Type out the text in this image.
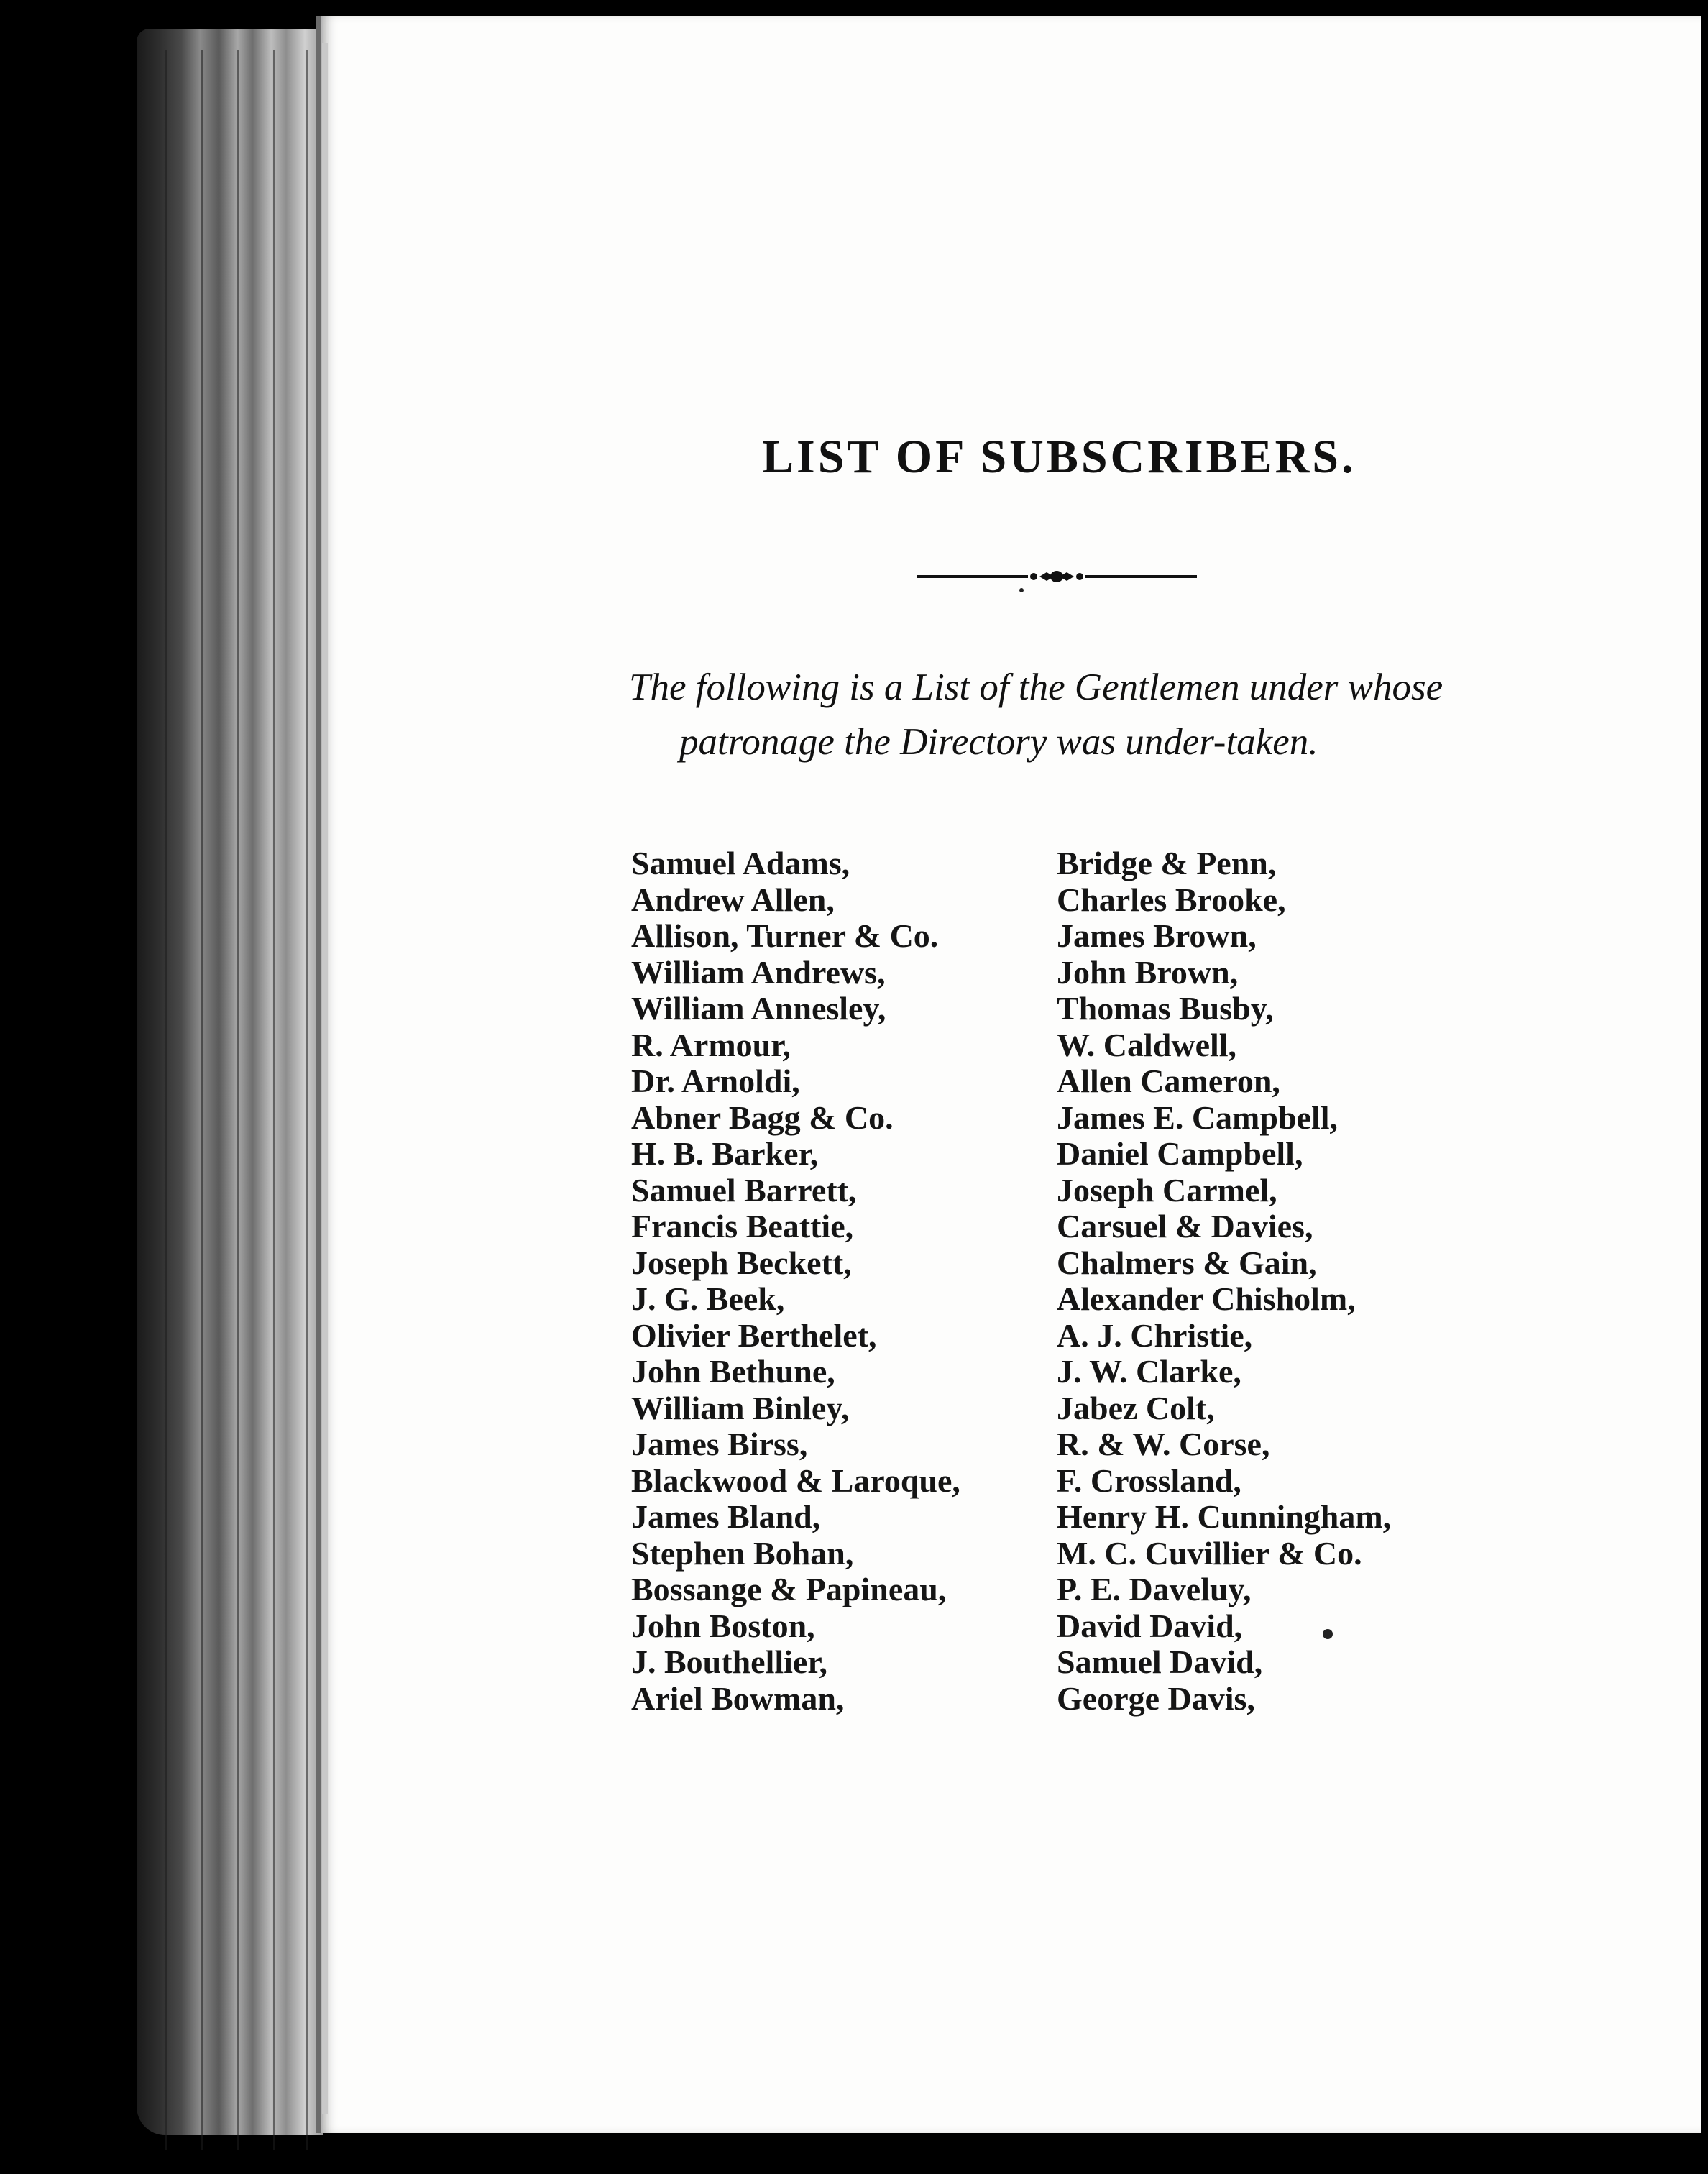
LIST OF SUBSCRIBERS.
The following is a List of the Gentlemen under whose patronage the Directory was under-taken.
Samuel Adams,
Andrew Allen,
Allison, Turner & Co.
William Andrews,
William Annesley,
R. Armour,
Dr. Arnoldi,
Abner Bagg & Co.
H. B. Barker,
Samuel Barrett,
Francis Beattie,
Joseph Beckett,
J. G. Beek,
Olivier Berthelet,
John Bethune,
William Binley,
James Birss,
Blackwood & Laroque,
James Bland,
Stephen Bohan,
Bossange & Papineau,
John Boston,
J. Bouthellier,
Ariel Bowman,
Bridge & Penn,
Charles Brooke,
James Brown,
John Brown,
Thomas Busby,
W. Caldwell,
Allen Cameron,
James E. Campbell,
Daniel Campbell,
Joseph Carmel,
Carsuel & Davies,
Chalmers & Gain,
Alexander Chisholm,
A. J. Christie,
J. W. Clarke,
Jabez Colt,
R. & W. Corse,
F. Crossland,
Henry H. Cunningham,
M. C. Cuvillier & Co.
P. E. Daveluy,
David David,
Samuel David,
George Davis,
